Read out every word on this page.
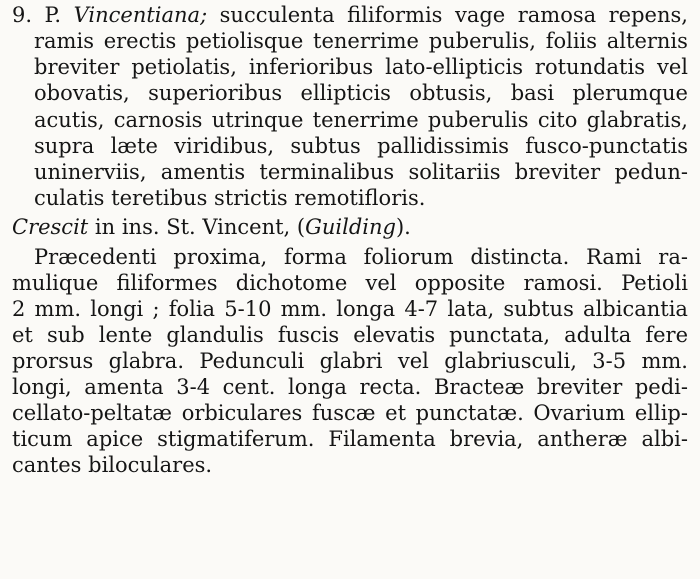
9. P. Vincentiana; succulenta filiformis vage ramosa repens,
ramis erectis petiolisque tenerrime puberulis, foliis alternis
breviter petiolatis, inferioribus lato-ellipticis rotundatis vel
obovatis, superioribus ellipticis obtusis, basi plerumque
acutis, carnosis utrinque tenerrime puberulis cito glabratis,
supra læte viridibus, subtus pallidissimis fusco-punctatis
uninerviis, amentis terminalibus solitariis breviter pedun-
culatis teretibus strictis remotifloris.
Crescit in ins. St. Vincent, (Guilding).
Præcedenti proxima, forma foliorum distincta. Rami ra-
mulique filiformes dichotome vel opposite ramosi. Petioli
2 mm. longi ; folia 5-10 mm. longa 4-7 lata, subtus albicantia
et sub lente glandulis fuscis elevatis punctata, adulta fere
prorsus glabra. Pedunculi glabri vel glabriusculi, 3-5 mm.
longi, amenta 3-4 cent. longa recta. Bracteæ breviter pedi-
cellato-peltatæ orbiculares fuscæ et punctatæ. Ovarium ellip-
ticum apice stigmatiferum. Filamenta brevia, antheræ albi-
cantes biloculares.
